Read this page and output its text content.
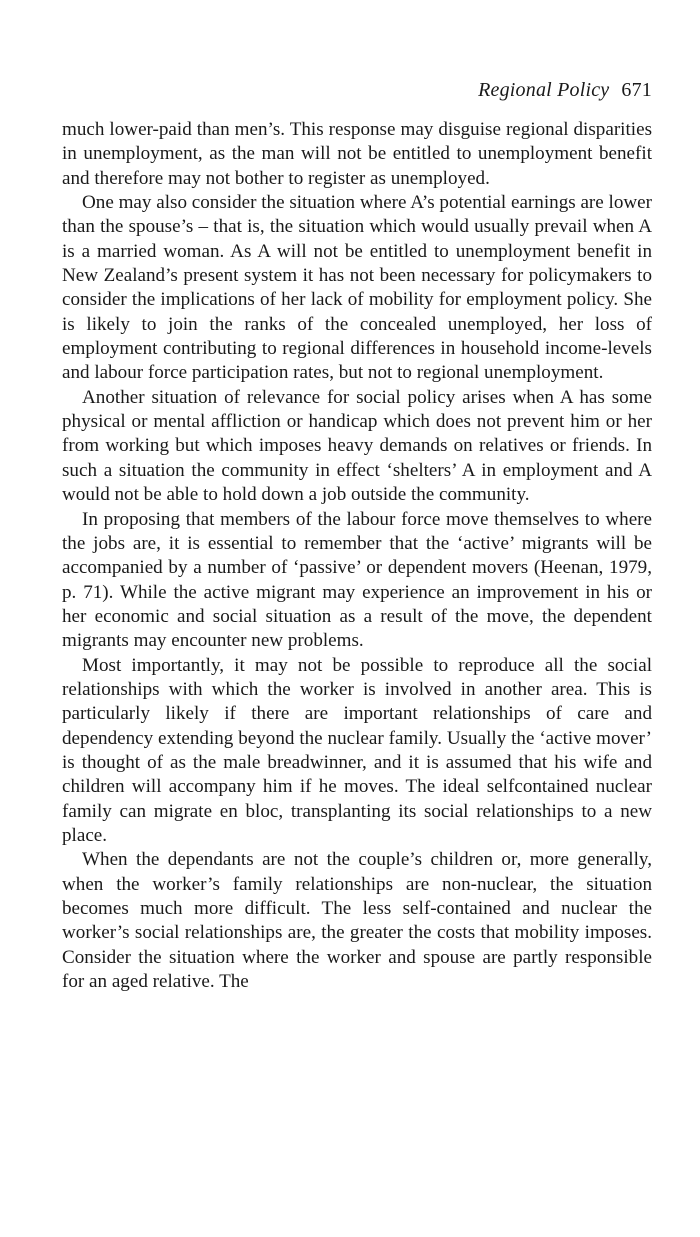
Regional Policy 671

much lower-paid than men’s. This response may disguise regional disparities in unemployment, as the man will not be entitled to unemployment benefit and therefore may not bother to register as unemployed.

One may also consider the situation where A’s potential earnings are lower than the spouse’s – that is, the situation which would usually prevail when A is a married woman. As A will not be entitled to unemployment benefit in New Zealand’s present system it has not been necessary for policymakers to consider the implications of her lack of mobility for employment policy. She is likely to join the ranks of the concealed unemployed, her loss of employment contributing to regional differences in household income-levels and labour force participation rates, but not to regional unemployment.

Another situation of relevance for social policy arises when A has some physical or mental affliction or handicap which does not prevent him or her from working but which imposes heavy demands on relatives or friends. In such a situation the community in effect ‘shelters’ A in employment and A would not be able to hold down a job outside the community.

In proposing that members of the labour force move themselves to where the jobs are, it is essential to remember that the ‘active’ migrants will be accompanied by a number of ‘passive’ or dependent movers (Heenan, 1979, p. 71). While the active migrant may experience an improvement in his or her economic and social situation as a result of the move, the dependent migrants may encounter new problems.

Most importantly, it may not be possible to reproduce all the social relationships with which the worker is involved in another area. This is particularly likely if there are important relationships of care and dependency extending beyond the nuclear family. Usually the ‘active mover’ is thought of as the male breadwinner, and it is assumed that his wife and children will accompany him if he moves. The ideal selfcontained nuclear family can migrate en bloc, transplanting its social relationships to a new place.

When the dependants are not the couple’s children or, more generally, when the worker’s family relationships are non-nuclear, the situation becomes much more difficult. The less self-contained and nuclear the worker’s social relationships are, the greater the costs that mobility imposes. Consider the situation where the worker and spouse are partly responsible for an aged relative. The
